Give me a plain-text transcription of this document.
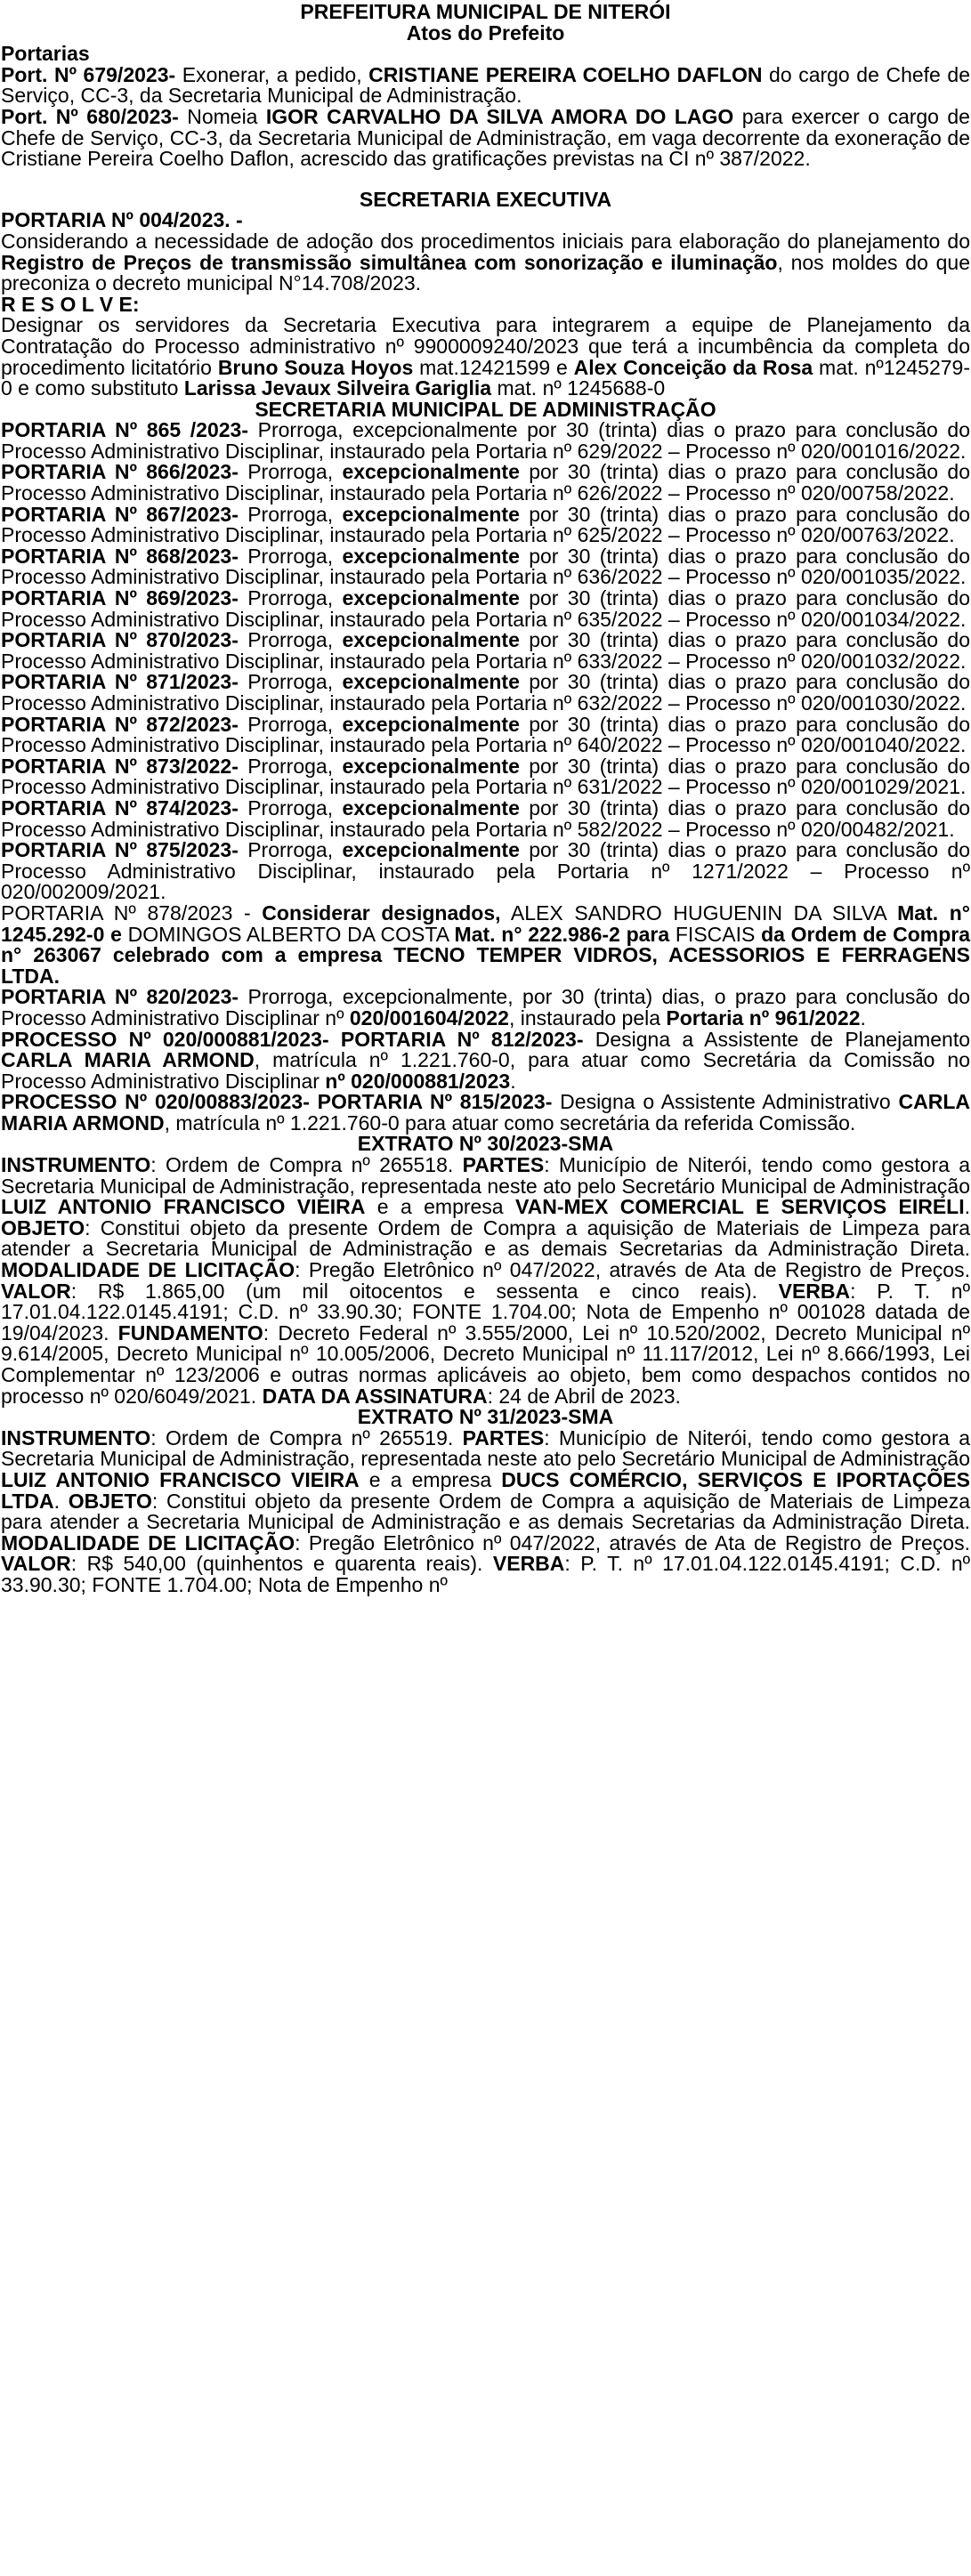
PREFEITURA MUNICIPAL DE NITERÓI

Atos do Prefeito

Portarias

Port. Nº 679/2023- Exonerar, a pedido, CRISTIANE PEREIRA COELHO DAFLON do cargo de Chefe de Serviço, CC-3, da Secretaria Municipal de Administração.

Port. Nº 680/2023- Nomeia IGOR CARVALHO DA SILVA AMORA DO LAGO para exercer o cargo de Chefe de Serviço, CC-3, da Secretaria Municipal de Administração, em vaga decorrente da exoneração de Cristiane Pereira Coelho Daflon, acrescido das gratificações previstas na CI nº 387/2022.

SECRETARIA EXECUTIVA

PORTARIA Nº 004/2023. -

Considerando a necessidade de adoção dos procedimentos iniciais para elaboração do planejamento do Registro de Preços de transmissão simultânea com sonorização e iluminação, nos moldes do que preconiza o decreto municipal N°14.708/2023.

R E S O L V E:

Designar os servidores da Secretaria Executiva para integrarem a equipe de Planejamento da Contratação do Processo administrativo nº 9900009240/2023 que terá a incumbência da completa do procedimento licitatório Bruno Souza Hoyos mat.12421599 e Alex Conceição da Rosa mat. nº1245279-0 e como substituto Larissa Jevaux Silveira Gariglia mat. nº 1245688-0

SECRETARIA MUNICIPAL DE ADMINISTRAÇÃO

PORTARIA Nº 865 /2023- Prorroga, excepcionalmente por 30 (trinta) dias o prazo para conclusão do Processo Administrativo Disciplinar, instaurado pela Portaria nº 629/2022 – Processo nº 020/001016/2022.

PORTARIA Nº 866/2023- Prorroga, excepcionalmente por 30 (trinta) dias o prazo para conclusão do Processo Administrativo Disciplinar, instaurado pela Portaria nº 626/2022 – Processo nº 020/00758/2022.

PORTARIA Nº 867/2023- Prorroga, excepcionalmente por 30 (trinta) dias o prazo para conclusão do Processo Administrativo Disciplinar, instaurado pela Portaria nº 625/2022 – Processo nº 020/00763/2022.

PORTARIA Nº 868/2023- Prorroga, excepcionalmente por 30 (trinta) dias o prazo para conclusão do Processo Administrativo Disciplinar, instaurado pela Portaria nº 636/2022 – Processo nº 020/001035/2022.

PORTARIA Nº 869/2023- Prorroga, excepcionalmente por 30 (trinta) dias o prazo para conclusão do Processo Administrativo Disciplinar, instaurado pela Portaria nº 635/2022 – Processo nº 020/001034/2022.

PORTARIA Nº 870/2023- Prorroga, excepcionalmente por 30 (trinta) dias o prazo para conclusão do Processo Administrativo Disciplinar, instaurado pela Portaria nº 633/2022 – Processo nº 020/001032/2022.

PORTARIA Nº 871/2023- Prorroga, excepcionalmente por 30 (trinta) dias o prazo para conclusão do Processo Administrativo Disciplinar, instaurado pela Portaria nº 632/2022 – Processo nº 020/001030/2022.

PORTARIA Nº 872/2023- Prorroga, excepcionalmente por 30 (trinta) dias o prazo para conclusão do Processo Administrativo Disciplinar, instaurado pela Portaria nº 640/2022 – Processo nº 020/001040/2022.

PORTARIA Nº 873/2022- Prorroga, excepcionalmente por 30 (trinta) dias o prazo para conclusão do Processo Administrativo Disciplinar, instaurado pela Portaria nº 631/2022 – Processo nº 020/001029/2021.

PORTARIA Nº 874/2023- Prorroga, excepcionalmente por 30 (trinta) dias o prazo para conclusão do Processo Administrativo Disciplinar, instaurado pela Portaria nº 582/2022 – Processo nº 020/00482/2021.

PORTARIA Nº 875/2023- Prorroga, excepcionalmente por 30 (trinta) dias o prazo para conclusão do Processo Administrativo Disciplinar, instaurado pela Portaria nº 1271/2022 – Processo nº 020/002009/2021.

PORTARIA Nº 878/2023 - Considerar designados, ALEX SANDRO HUGUENIN DA SILVA Mat. n° 1245.292-0 e DOMINGOS ALBERTO DA COSTA Mat. n° 222.986-2 para FISCAIS da Ordem de Compra n° 263067 celebrado com a empresa TECNO TEMPER VIDROS, ACESSORIOS E FERRAGENS LTDA.

PORTARIA Nº 820/2023- Prorroga, excepcionalmente, por 30 (trinta) dias, o prazo para conclusão do Processo Administrativo Disciplinar nº 020/001604/2022, instaurado pela Portaria nº 961/2022.

PROCESSO Nº 020/000881/2023- PORTARIA Nº 812/2023- Designa a Assistente de Planejamento CARLA MARIA ARMOND, matrícula nº 1.221.760-0, para atuar como Secretária da Comissão no Processo Administrativo Disciplinar nº 020/000881/2023.

PROCESSO Nº 020/00883/2023- PORTARIA Nº 815/2023- Designa o Assistente Administrativo CARLA MARIA ARMOND, matrícula nº 1.221.760-0 para atuar como secretária da referida Comissão.

EXTRATO Nº 30/2023-SMA

INSTRUMENTO: Ordem de Compra nº 265518. PARTES: Município de Niterói, tendo como gestora a Secretaria Municipal de Administração, representada neste ato pelo Secretário Municipal de Administração LUIZ ANTONIO FRANCISCO VIEIRA e a empresa VAN-MEX COMERCIAL E SERVIÇOS EIRELI. OBJETO: Constitui objeto da presente Ordem de Compra a aquisição de Materiais de Limpeza para atender a Secretaria Municipal de Administração e as demais Secretarias da Administração Direta. MODALIDADE DE LICITAÇÃO: Pregão Eletrônico nº 047/2022, através de Ata de Registro de Preços. VALOR: R$ 1.865,00 (um mil oitocentos e sessenta e cinco reais). VERBA: P. T. nº 17.01.04.122.0145.4191; C.D. nº 33.90.30; FONTE 1.704.00; Nota de Empenho nº 001028 datada de 19/04/2023. FUNDAMENTO: Decreto Federal nº 3.555/2000, Lei nº 10.520/2002, Decreto Municipal nº 9.614/2005, Decreto Municipal nº 10.005/2006, Decreto Municipal nº 11.117/2012, Lei nº 8.666/1993, Lei Complementar nº 123/2006 e outras normas aplicáveis ao objeto, bem como despachos contidos no processo nº 020/6049/2021. DATA DA ASSINATURA: 24 de Abril de 2023.

EXTRATO Nº 31/2023-SMA

INSTRUMENTO: Ordem de Compra nº 265519. PARTES: Município de Niterói, tendo como gestora a Secretaria Municipal de Administração, representada neste ato pelo Secretário Municipal de Administração LUIZ ANTONIO FRANCISCO VIEIRA e a empresa DUCS COMÉRCIO, SERVIÇOS E IPORTAÇÕES LTDA. OBJETO: Constitui objeto da presente Ordem de Compra a aquisição de Materiais de Limpeza para atender a Secretaria Municipal de Administração e as demais Secretarias da Administração Direta. MODALIDADE DE LICITAÇÃO: Pregão Eletrônico nº 047/2022, através de Ata de Registro de Preços. VALOR: R$ 540,00 (quinhentos e quarenta reais). VERBA: P. T. nº 17.01.04.122.0145.4191; C.D. nº 33.90.30; FONTE 1.704.00; Nota de Empenho nº
